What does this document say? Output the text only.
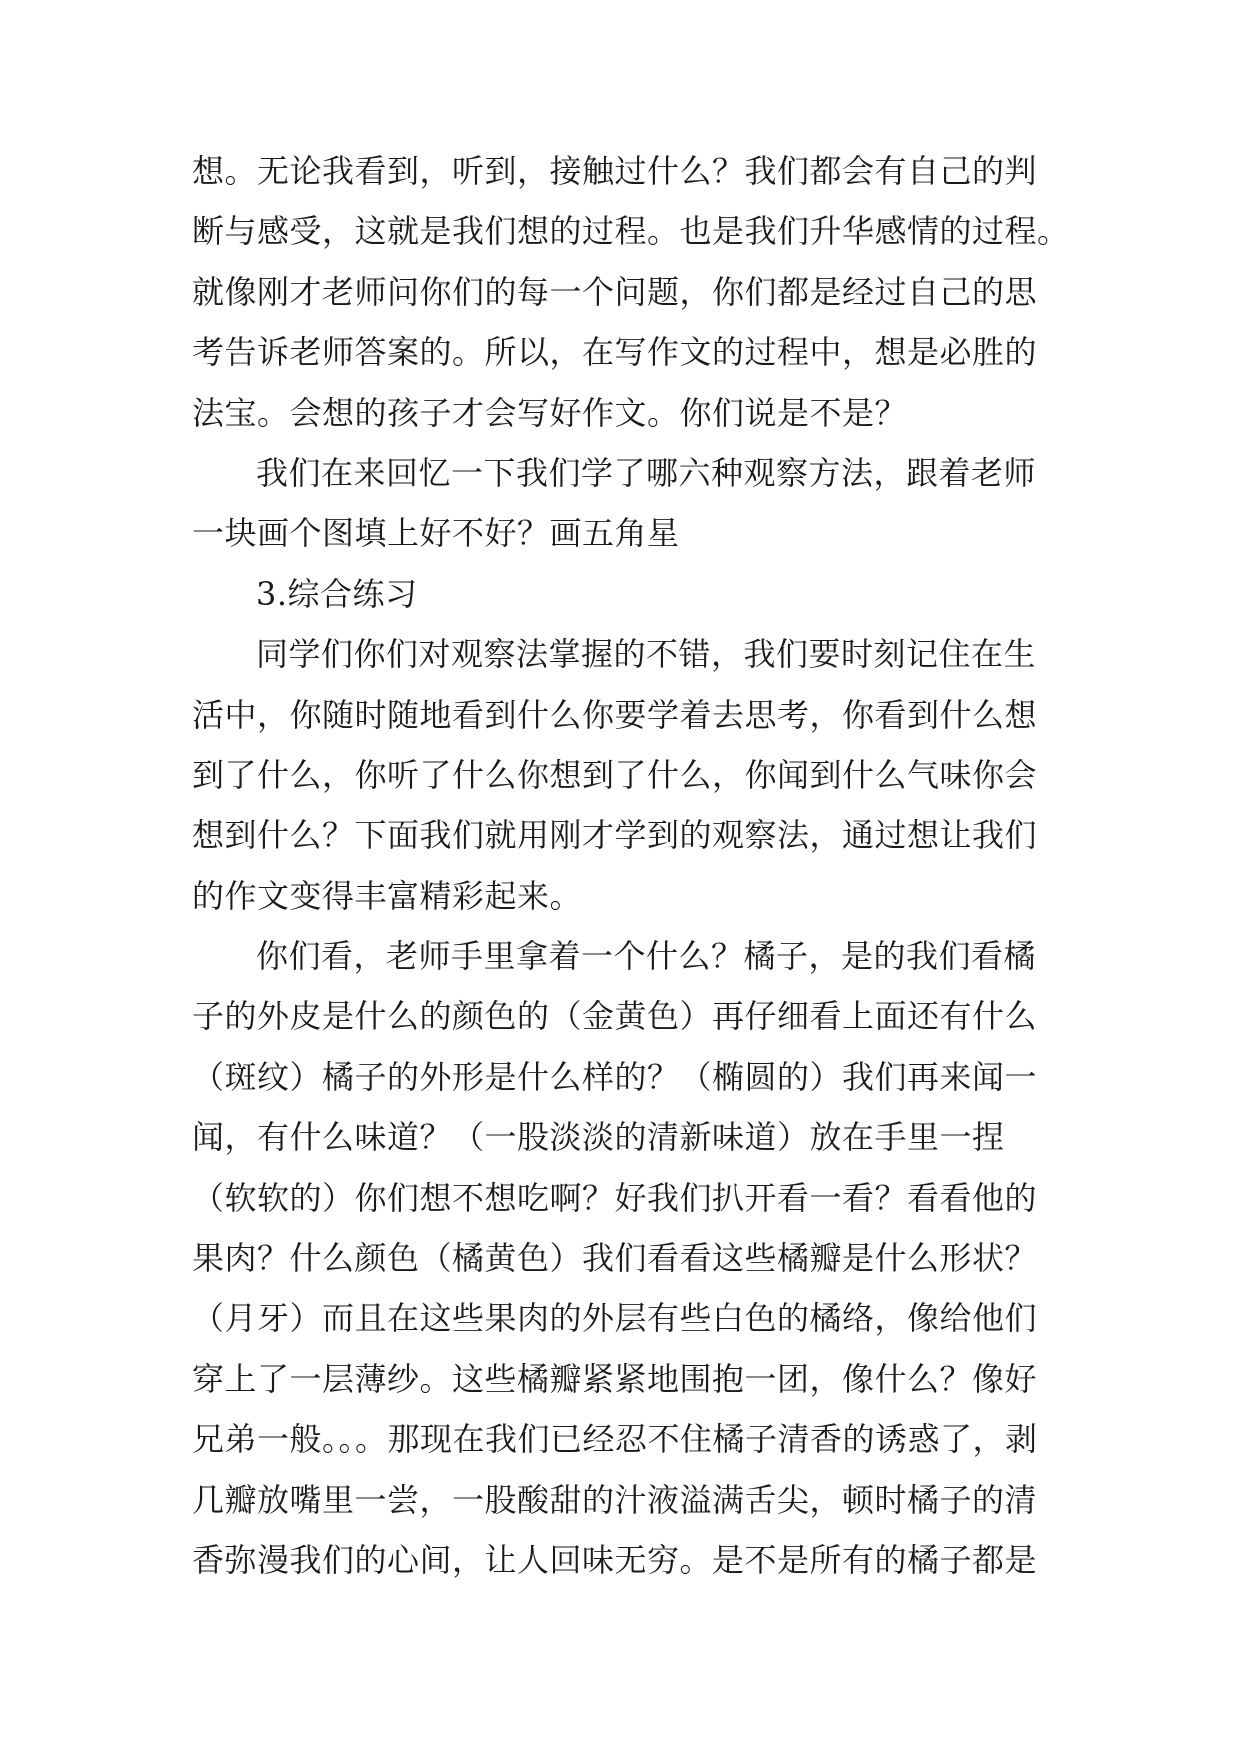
想。无论我看到，听到，接触过什么？我们都会有自己的判
断与感受，这就是我们想的过程。也是我们升华感情的过程。
就像刚才老师问你们的每一个问题，你们都是经过自己的思
考告诉老师答案的。所以，在写作文的过程中，想是必胜的
法宝。会想的孩子才会写好作文。你们说是不是？
我们在来回忆一下我们学了哪六种观察方法，跟着老师
一块画个图填上好不好？画五角星
3.综合练习
同学们你们对观察法掌握的不错，我们要时刻记住在生
活中，你随时随地看到什么你要学着去思考，你看到什么想
到了什么，你听了什么你想到了什么，你闻到什么气味你会
想到什么？下面我们就用刚才学到的观察法，通过想让我们
的作文变得丰富精彩起来。
你们看，老师手里拿着一个什么？橘子，是的我们看橘
子的外皮是什么的颜色的（金黄色）再仔细看上面还有什么
（斑纹）橘子的外形是什么样的？（椭圆的）我们再来闻一
闻，有什么味道？（一股淡淡的清新味道）放在手里一捏
（软软的）你们想不想吃啊？好我们扒开看一看？看看他的
果肉？什么颜色（橘黄色）我们看看这些橘瓣是什么形状？
（月牙）而且在这些果肉的外层有些白色的橘络，像给他们
穿上了一层薄纱。这些橘瓣紧紧地围抱一团，像什么？像好
兄弟一般。。。那现在我们已经忍不住橘子清香的诱惑了，剥
几瓣放嘴里一尝，一股酸甜的汁液溢满舌尖，顿时橘子的清
香弥漫我们的心间，让人回味无穷。是不是所有的橘子都是
